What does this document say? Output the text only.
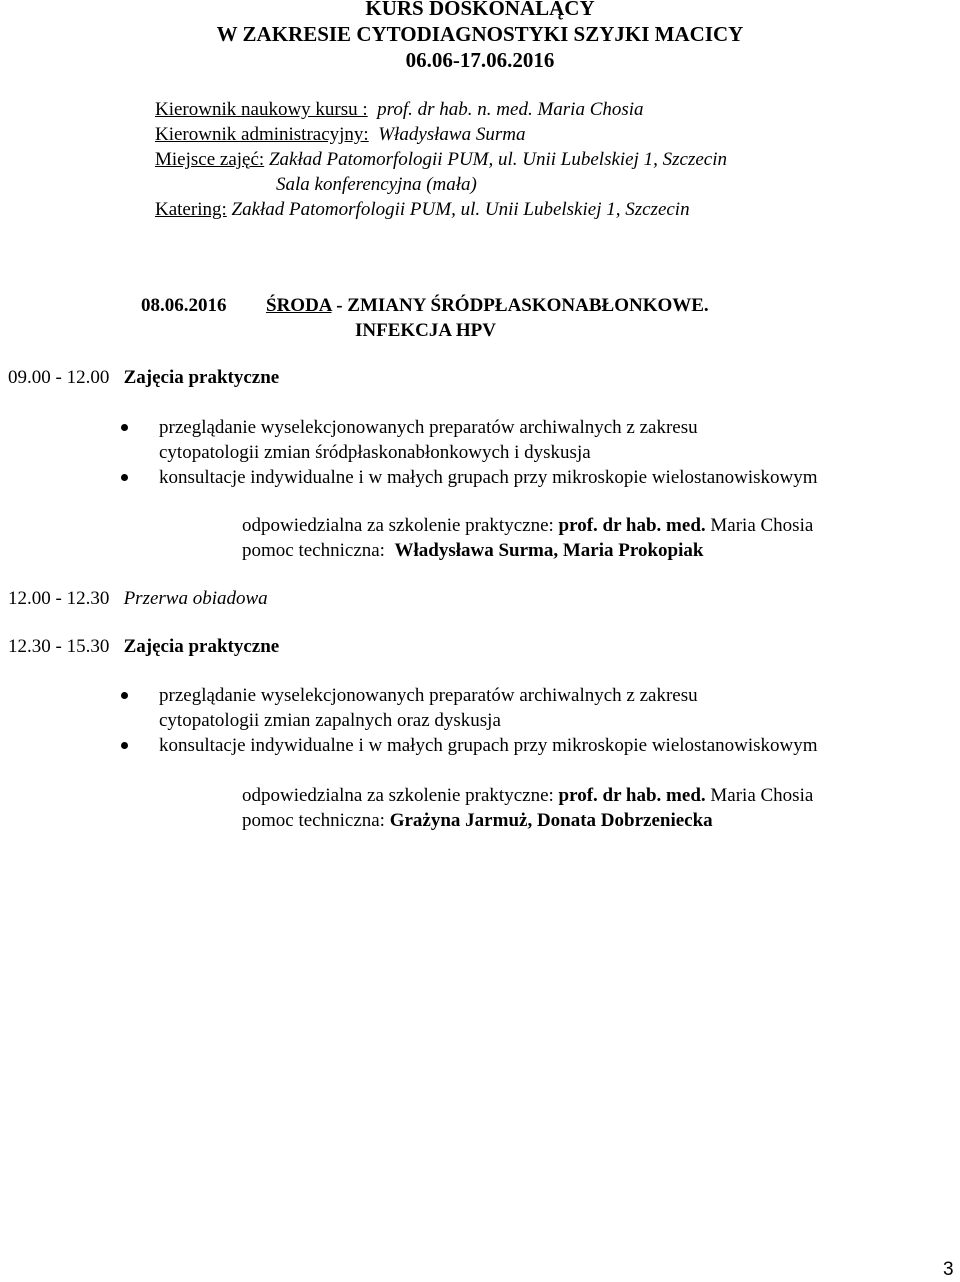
KURS DOSKONALĄCY
W ZAKRESIE CYTODIAGNOSTYKI SZYJKI MACICY
06.06-17.06.2016
Kierownik naukowy kursu : prof. dr hab. n. med. Maria Chosia
Kierownik administracyjny: Władysława Surma
Miejsce zajęć: Zakład Patomorfologii PUM, ul. Unii Lubelskiej 1, Szczecin
Sala konferencyjna (mała)
Katering: Zakład Patomorfologii PUM, ul. Unii Lubelskiej 1, Szczecin
08.06.2016 ŚRODA - ZMIANY ŚRÓDPŁASKONABŁONKOWE.
INFEKCJA HPV
09.00 - 12.00 Zajęcia praktyczne
przeglądanie wyselekcjonowanych preparatów archiwalnych z zakresu
cytopatologii zmian śródpłaskonabłonkowych i dyskusja
konsultacje indywidualne i w małych grupach przy mikroskopie wielostanowiskowym
odpowiedzialna za szkolenie praktyczne: prof. dr hab. med. Maria Chosia
pomoc techniczna: Władysława Surma, Maria Prokopiak
12.00 - 12.30 Przerwa obiadowa
12.30 - 15.30 Zajęcia praktyczne
przeglądanie wyselekcjonowanych preparatów archiwalnych z zakresu
cytopatologii zmian zapalnych oraz dyskusja
konsultacje indywidualne i w małych grupach przy mikroskopie wielostanowiskowym
odpowiedzialna za szkolenie praktyczne: prof. dr hab. med. Maria Chosia
pomoc techniczna: Grażyna Jarmuż, Donata Dobrzeniecka
3
